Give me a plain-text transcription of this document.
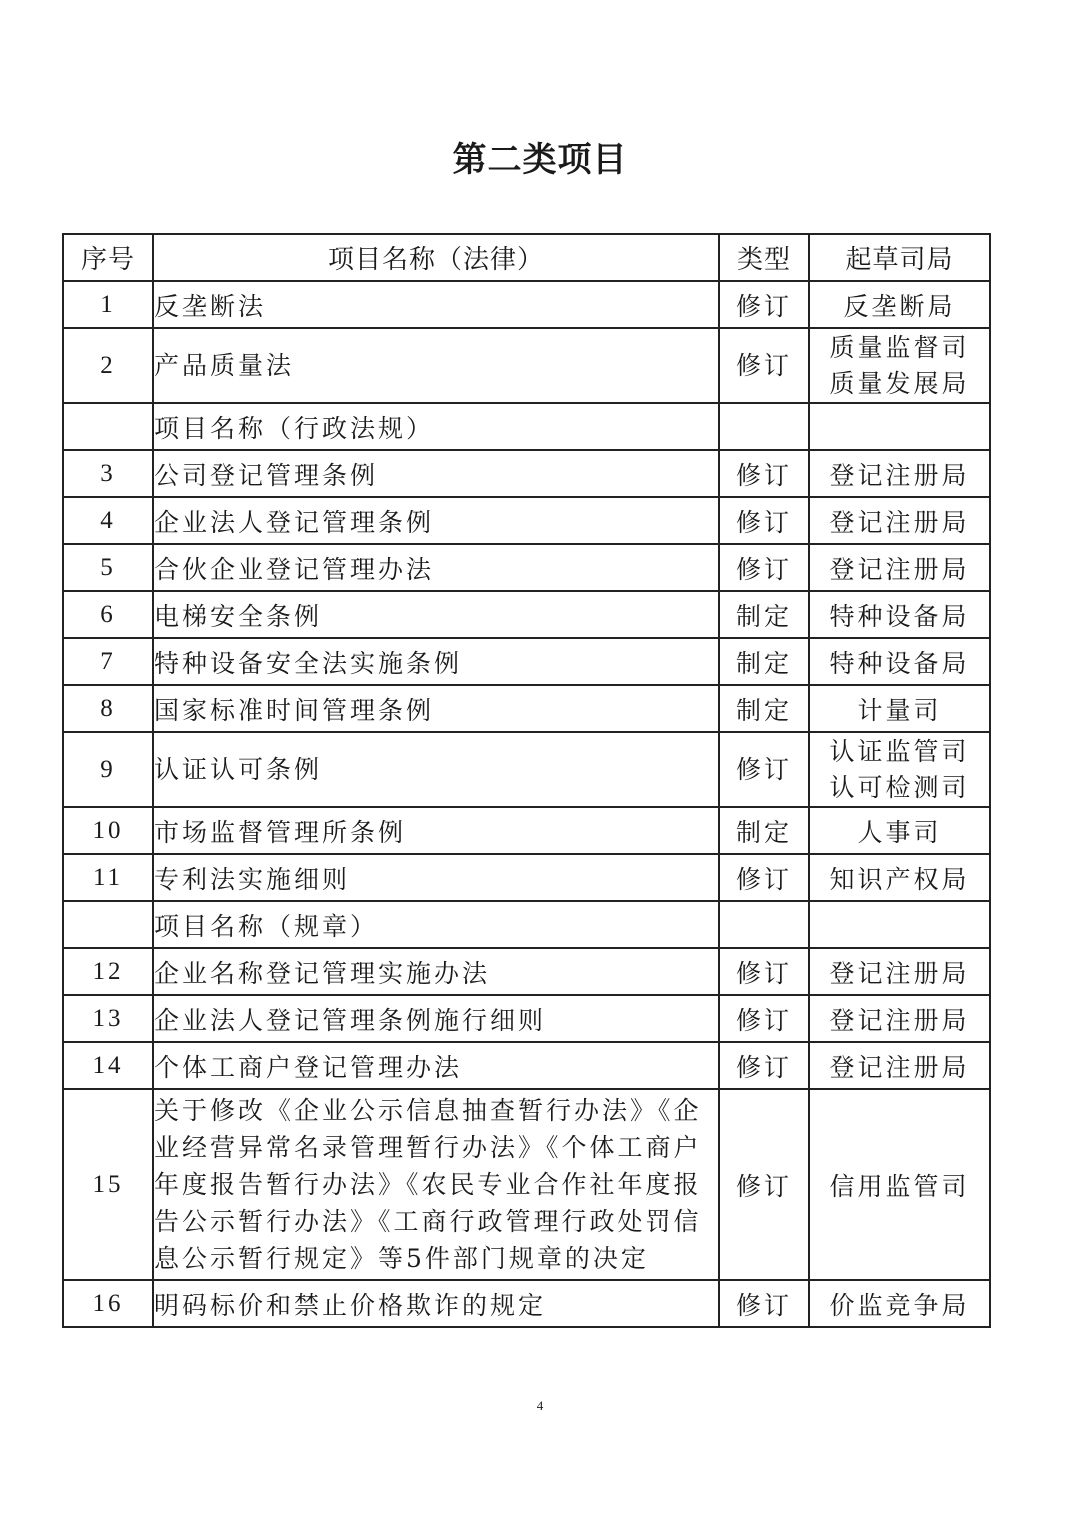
第二类项目
序号	项目名称（法律）	类型	起草司局
1	反垄断法	修订	反垄断局

2	产品质量法	修订	质量监督司
质量发展局

	项目名称（行政法规）		
3	公司登记管理条例	修订	登记注册局

4	企业法人登记管理条例	修订	登记注册局

5	合伙企业登记管理办法	修订	登记注册局

6	电梯安全条例	制定	特种设备局

7	特种设备安全法实施条例	制定	特种设备局

8	国家标准时间管理条例	制定	计量司

9	认证认可条例	修订	认证监管司
认可检测司

10	市场监督管理所条例	制定	人事司

11	专利法实施细则	修订	知识产权局

	项目名称（规章）		
12	企业名称登记管理实施办法	修订	登记注册局

13	企业法人登记管理条例施行细则	修订	登记注册局

14	个体工商户登记管理办法	修订	登记注册局

15	关于修改《企业公示信息抽查暂行办法》《企业经营异常名录管理暂行办法》《个体工商户年度报告暂行办法》《农民专业合作社年度报告公示暂行办法》《工商行政管理行政处罚信息公示暂行规定》等5件部门规章的决定	修订	信用监管司

16	明码标价和禁止价格欺诈的规定	修订	价监竞争局
4
